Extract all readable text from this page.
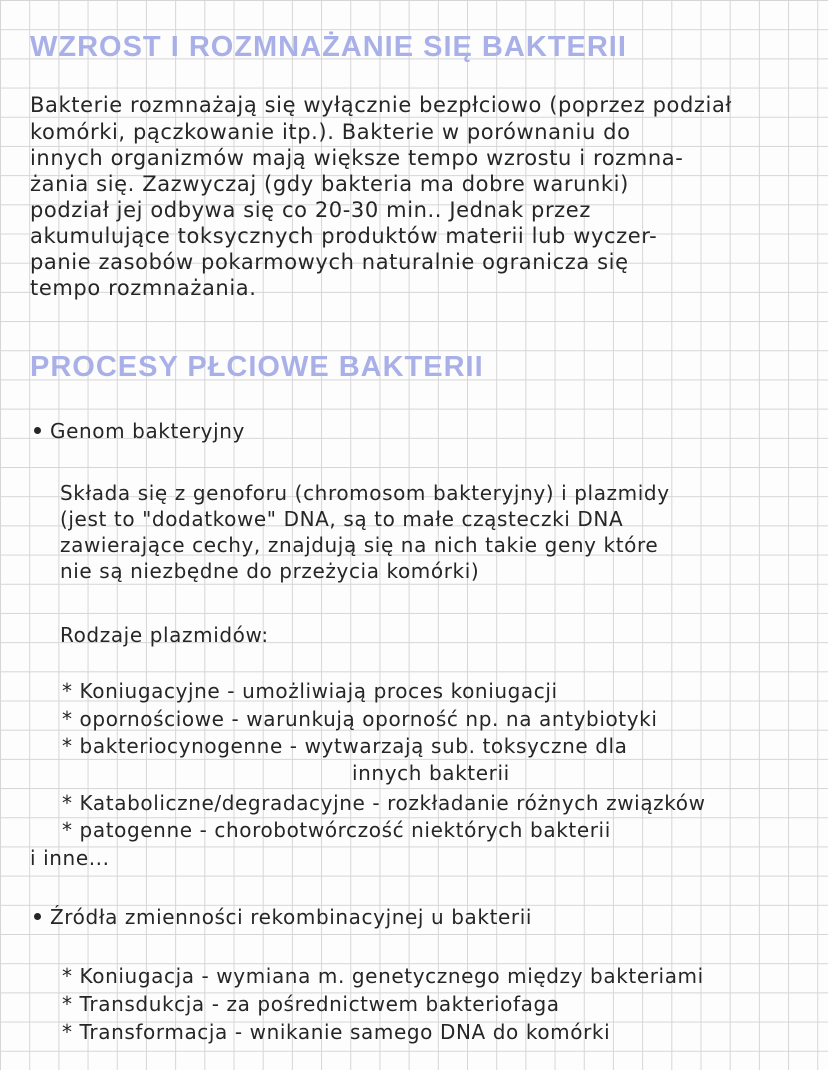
WZROST I ROZMNAŻANIE SIĘ BAKTERII
Bakterie rozmnażają się wyłącznie bezpłciowo (poprzez podział
komórki, pączkowanie itp.). Bakterie w porównaniu do
innych organizmów mają większe tempo wzrostu i rozmna-
żania się. Zazwyczaj (gdy bakteria ma dobre warunki)
podział jej odbywa się co 20-30 min.. Jednak przez
akumulujące toksycznych produktów materii lub wyczer-
panie zasobów pokarmowych naturalnie ogranicza się
tempo rozmnażania.
PROCESY PŁCIOWE BAKTERII
Genom bakteryjny
Składa się z genoforu (chromosom bakteryjny) i plazmidy
(jest to "dodatkowe" DNA, są to małe cząsteczki DNA
zawierające cechy, znajdują się na nich takie geny które
nie są niezbędne do przeżycia komórki)
Rodzaje plazmidów:
* Koniugacyjne - umożliwiają proces koniugacji
* opornościowe - warunkują oporność np. na antybiotyki
* bakteriocynogenne - wytwarzają sub. toksyczne dla
innych bakterii
* Kataboliczne/degradacyjne - rozkładanie różnych związków
* patogenne - chorobotwórczość niektórych bakterii
i inne...
Źródła zmienności rekombinacyjnej u bakterii
* Koniugacja - wymiana m. genetycznego między bakteriami
* Transdukcja - za pośrednictwem bakteriofaga
* Transformacja - wnikanie samego DNA do komórki
